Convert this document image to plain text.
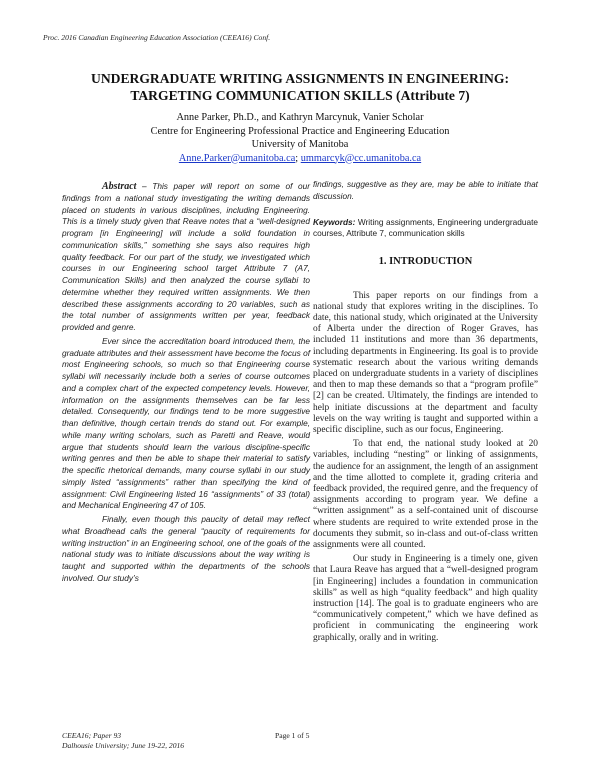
Proc. 2016 Canadian Engineering Education Association (CEEA16) Conf.
UNDERGRADUATE WRITING ASSIGNMENTS IN ENGINEERING:
TARGETING COMMUNICATION SKILLS (Attribute 7)
Anne Parker, Ph.D., and Kathryn Marcynuk, Vanier Scholar
Centre for Engineering Professional Practice and Engineering Education
University of Manitoba
Anne.Parker@umanitoba.ca; ummarcyk@cc.umanitoba.ca

Abstract – This paper will report on some of our findings from a national study investigating the writing demands placed on students in various disciplines, including Engineering. This is a timely study given that Reave notes that a “well-designed program [in Engineering] will include a solid foundation in communication skills,” something she says also requires high quality feedback. For our part of the study, we investigated which courses in our Engineering school target Attribute 7 (A7, Communication Skills) and then analyzed the course syllabi to determine whether they required written assignments. We then described these assignments according to 20 variables, such as the total number of assignments written per year, feedback provided and genre.

Ever since the accreditation board introduced them, the graduate attributes and their assessment have become the focus of most Engineering schools, so much so that Engineering course syllabi will necessarily include both a series of course outcomes and a complex chart of the expected competency levels. However, information on the assignments themselves can be far less detailed. Consequently, our findings tend to be more suggestive than definitive, though certain trends do stand out. For example, while many writing scholars, such as Paretti and Reave, would argue that students should learn the various discipline-specific writing genres and then be able to shape their material to satisfy the specific rhetorical demands, many course syllabi in our study simply listed “assignments” rather than specifying the kind of assignment: Civil Engineering listed 16 “assignments” of 33 (total) and Mechanical Engineering 47 of 105.

Finally, even though this paucity of detail may reflect what Broadhead calls the general “paucity of requirements for writing instruction” in an Engineering school, one of the goals of the national study was to initiate discussions about the way writing is taught and supported within the departments of the schools involved. Our study’s

findings, suggestive as they are, may be able to initiate that discussion.

Keywords: Writing assignments, Engineering undergraduate courses, Attribute 7, communication skills
1. INTRODUCTION

This paper reports on our findings from a national study that explores writing in the disciplines. To date, this national study, which originated at the University of Alberta under the direction of Roger Graves, has included 11 institutions and more than 36 departments, including departments in Engineering. Its goal is to provide systematic research about the various writing demands placed on undergraduate students in a variety of disciplines and then to map these demands so that a “program profile” [2] can be created. Ultimately, the findings are intended to help initiate discussions at the department and faculty levels on the way writing is taught and supported within a specific discipline, such as our focus, Engineering.

To that end, the national study looked at 20 variables, including “nesting” or linking of assignments, the audience for an assignment, the length of an assignment and the time allotted to complete it, grading criteria and feedback provided, the required genre, and the frequency of assignments according to program year. We define a “written assignment” as a self-contained unit of discourse where students are required to write extended prose in the documents they submit, so in-class and out-of-class written assignments were all counted.

Our study in Engineering is a timely one, given that Laura Reave has argued that a “well-designed program [in Engineering] includes a foundation in communication skills” as well as high “quality feedback” and high quality instruction [14]. The goal is to graduate engineers who are “communicatively competent,” which we have defined as proficient in communicating the engineering work graphically, orally and in writing.

CEEA16; Paper 93
Dalhousie University; June 19-22, 2016
Page 1 of 5
